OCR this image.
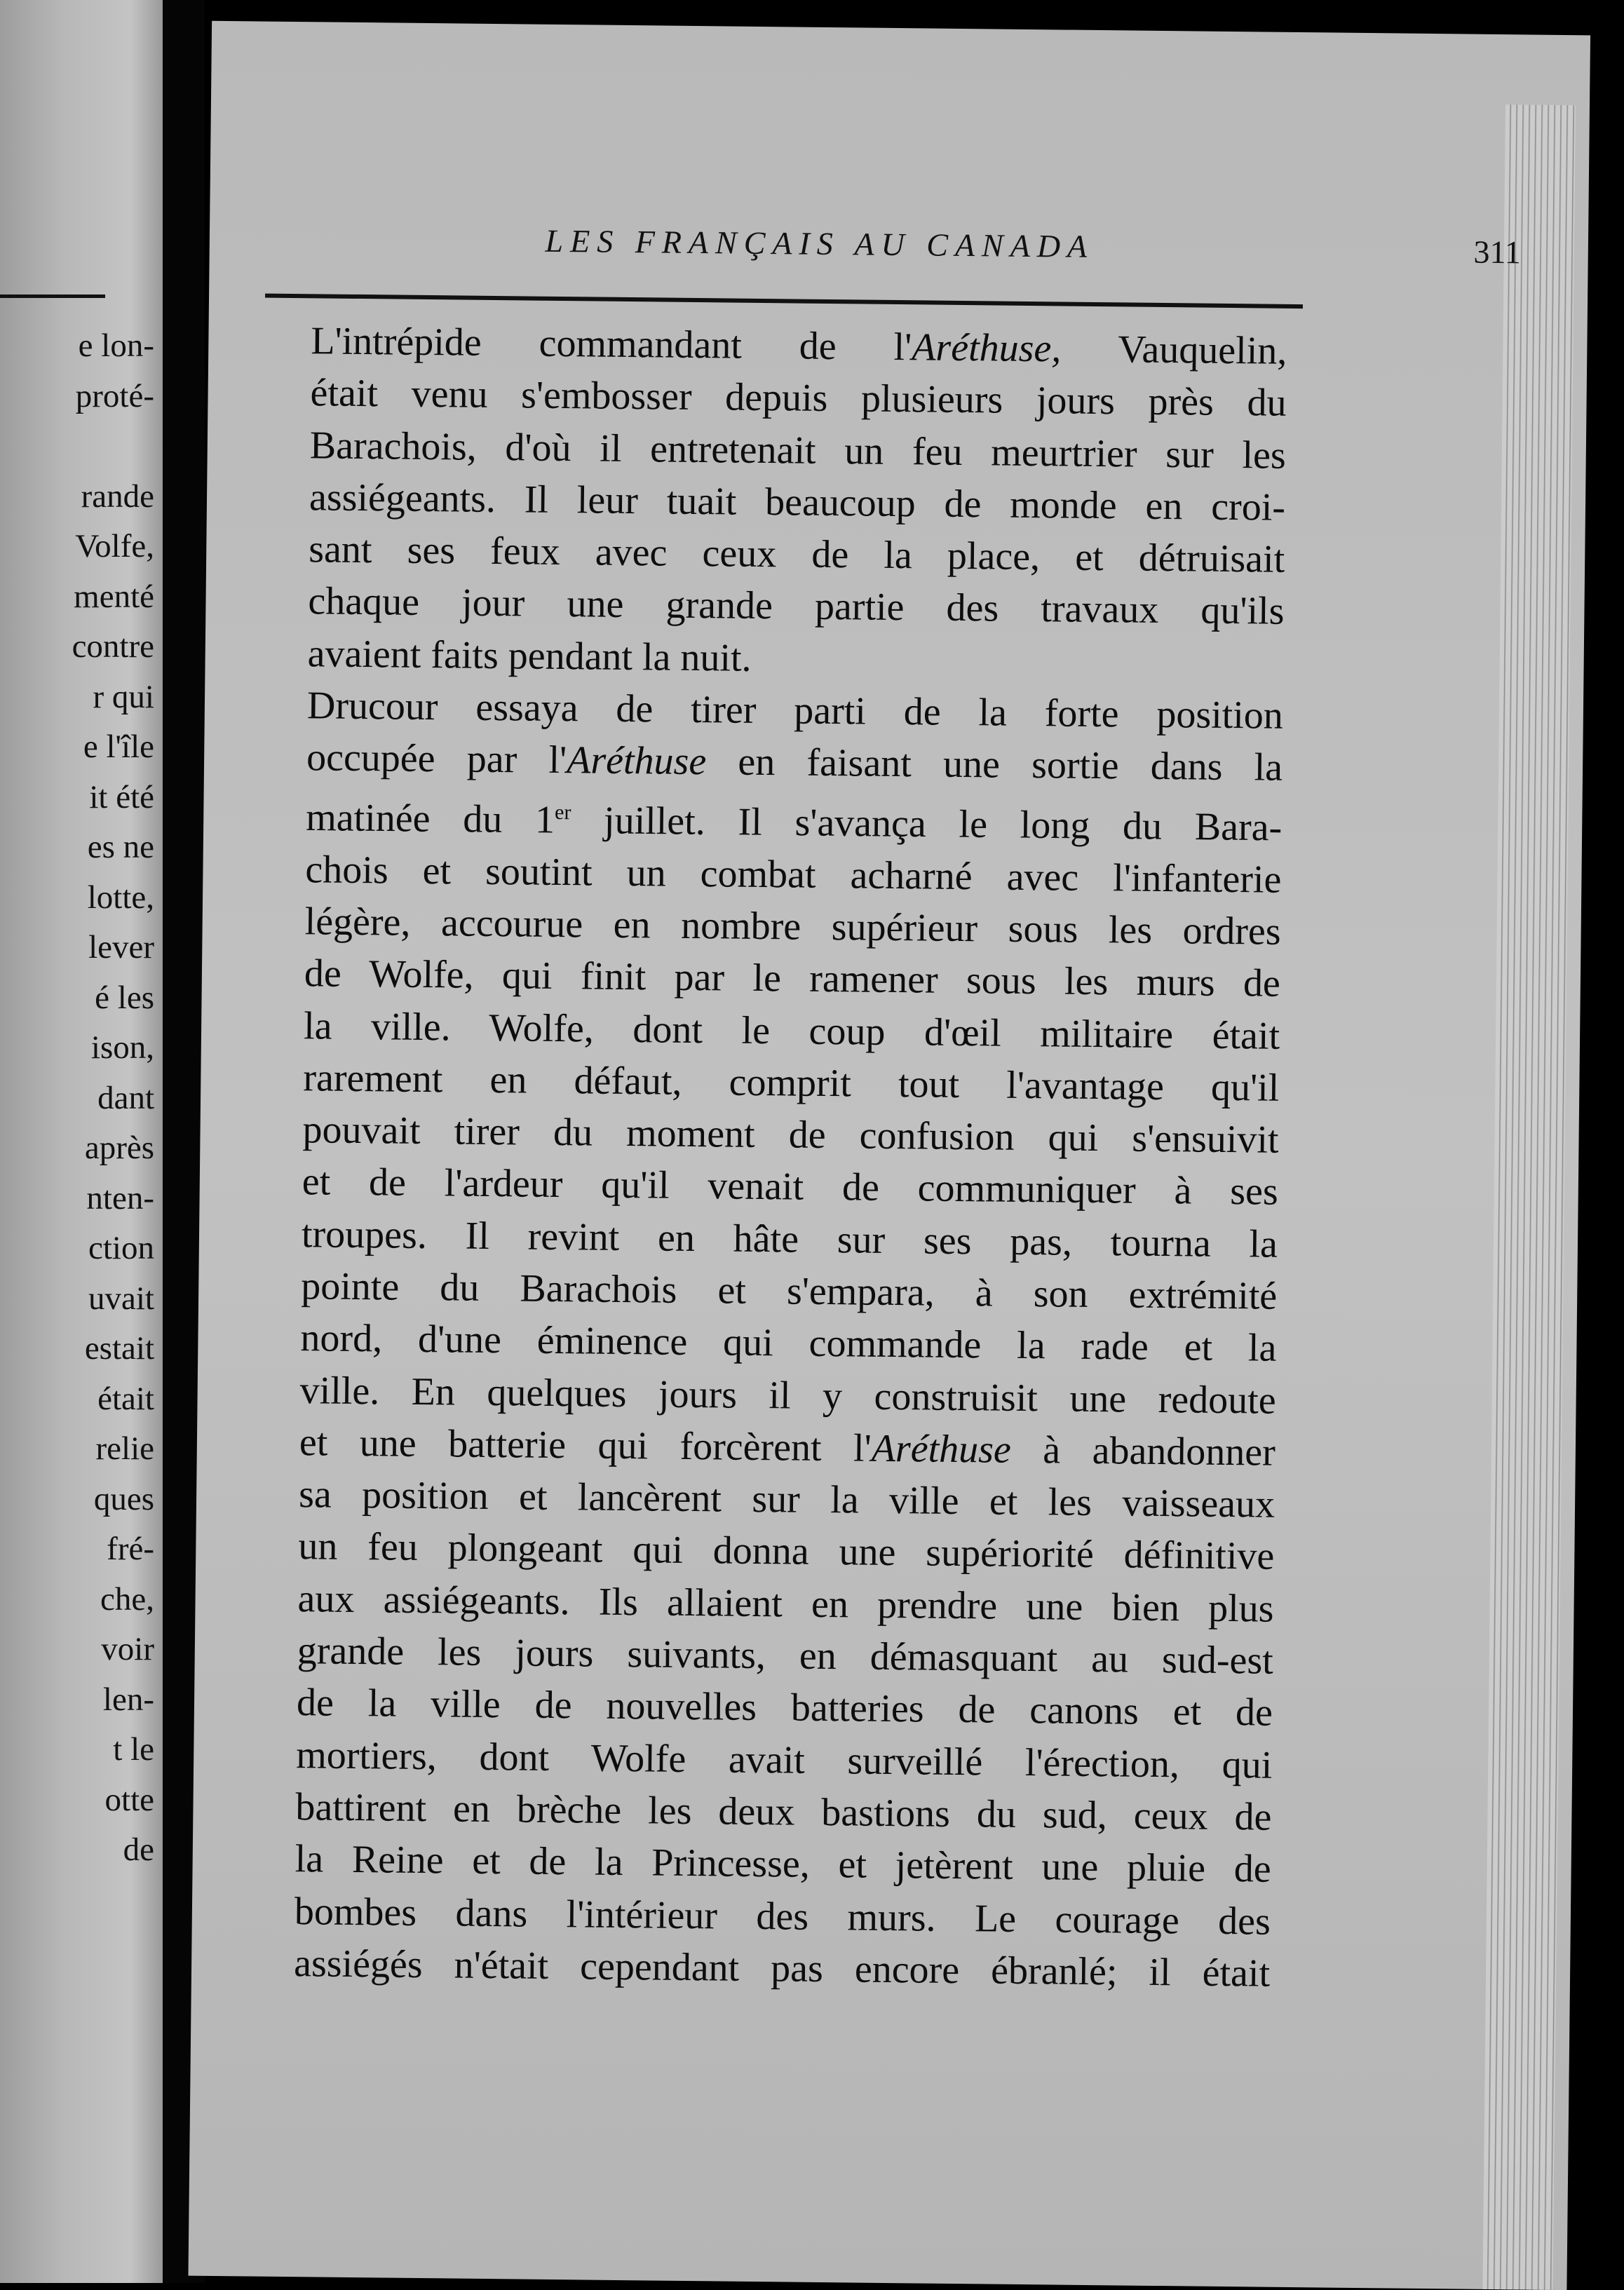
e lon-
proté-
rande
Volfe,
menté
contre
r qui
e l'île
it été
es ne
lotte,
lever
é les
ison,
dant
après
nten-
ction
uvait
estait
était
relie
ques
fré-
che,
voir
len-
t le
otte
de
LES FRANÇAIS AU CANADA	311

L'intrépide commandant de l'Aréthuse, Vauquelin,
était venu s'embosser depuis plusieurs jours près du
Barachois, d'où il entretenait un feu meurtrier sur les
assiégeants. Il leur tuait beaucoup de monde en croi-
sant ses feux avec ceux de la place, et détruisait
chaque jour une grande partie des travaux qu'ils
avaient faits pendant la nuit.

Drucour essaya de tirer parti de la forte position
occupée par l'Aréthuse en faisant une sortie dans la
matinée du 1er juillet. Il s'avança le long du Bara-
chois et soutint un combat acharné avec l'infanterie
légère, accourue en nombre supérieur sous les ordres
de Wolfe, qui finit par le ramener sous les murs de
la ville. Wolfe, dont le coup d'œil militaire était
rarement en défaut, comprit tout l'avantage qu'il
pouvait tirer du moment de confusion qui s'ensuivit
et de l'ardeur qu'il venait de communiquer à ses
troupes. Il revint en hâte sur ses pas, tourna la
pointe du Barachois et s'empara, à son extrémité
nord, d'une éminence qui commande la rade et la
ville. En quelques jours il y construisit une redoute
et une batterie qui forcèrent l'Aréthuse à abandonner
sa position et lancèrent sur la ville et les vaisseaux
un feu plongeant qui donna une supériorité définitive
aux assiégeants. Ils allaient en prendre une bien plus
grande les jours suivants, en démasquant au sud-est
de la ville de nouvelles batteries de canons et de
mortiers, dont Wolfe avait surveillé l'érection, qui
battirent en brèche les deux bastions du sud, ceux de
la Reine et de la Princesse, et jetèrent une pluie de
bombes dans l'intérieur des murs. Le courage des
assiégés n'était cependant pas encore ébranlé; il était
